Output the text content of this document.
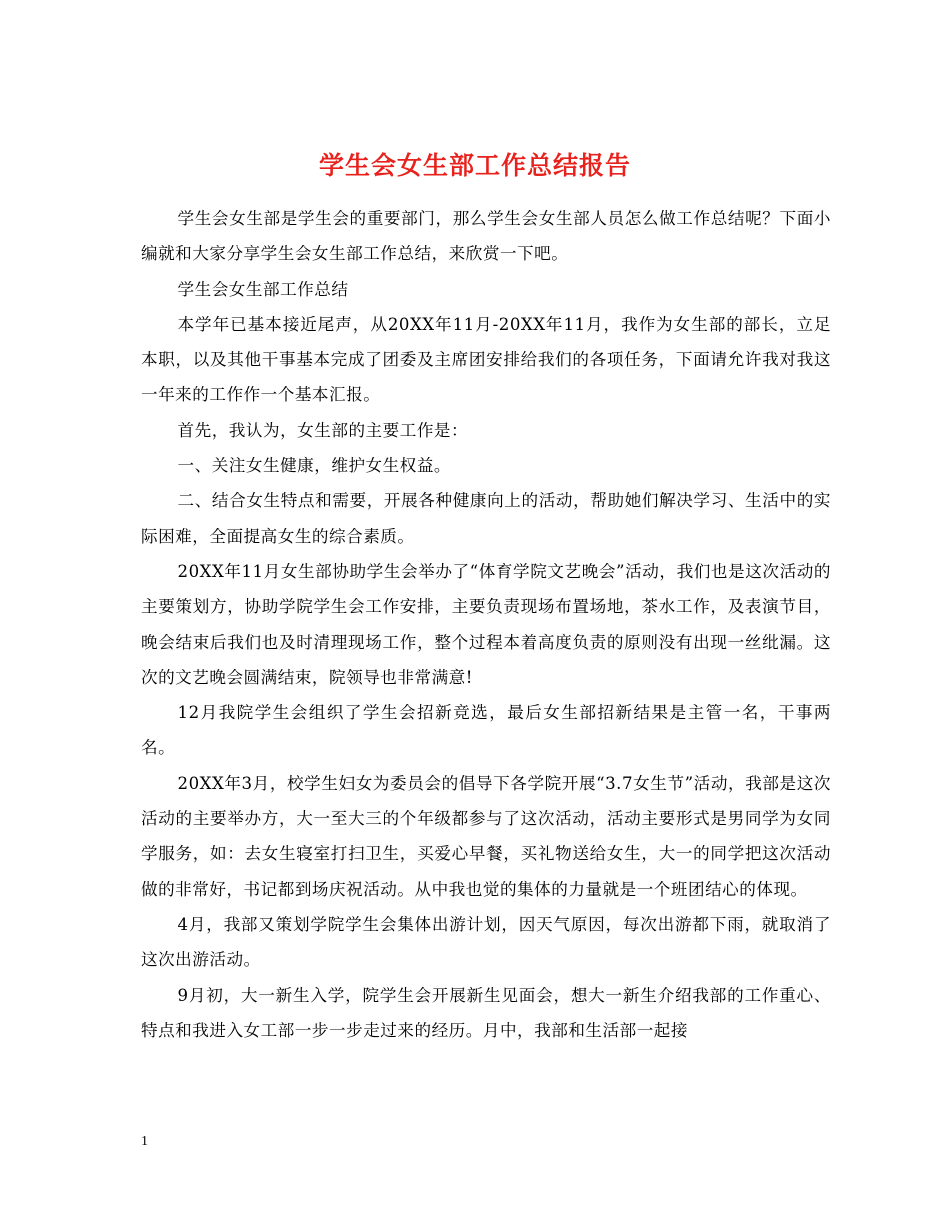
学生会女生部工作总结报告

学生会女生部是学生会的重要部门，那么学生会女生部人员怎么做工作总结呢？下面小编就和大家分享学生会女生部工作总结，来欣赏一下吧。

学生会女生部工作总结

本学年已基本接近尾声，从20XX年11月-20XX年11月，我作为女生部的部长，立足本职，以及其他干事基本完成了团委及主席团安排给我们的各项任务，下面请允许我对我这一年来的工作作一个基本汇报。

首先，我认为，女生部的主要工作是：

一、关注女生健康，维护女生权益。

二、结合女生特点和需要，开展各种健康向上的活动，帮助她们解决学习、生活中的实际困难，全面提高女生的综合素质。

20XX年11月女生部协助学生会举办了“体育学院文艺晚会”活动，我们也是这次活动的主要策划方，协助学院学生会工作安排，主要负责现场布置场地，茶水工作，及表演节目，晚会结束后我们也及时清理现场工作，整个过程本着高度负责的原则没有出现一丝纰漏。这次的文艺晚会圆满结束，院领导也非常满意!

12月我院学生会组织了学生会招新竞选，最后女生部招新结果是主管一名，干事两名。

20XX年3月，校学生妇女为委员会的倡导下各学院开展“3.7女生节”活动，我部是这次活动的主要举办方，大一至大三的个年级都参与了这次活动，活动主要形式是男同学为女同学服务，如：去女生寝室打扫卫生，买爱心早餐，买礼物送给女生，大一的同学把这次活动做的非常好，书记都到场庆祝活动。从中我也觉的集体的力量就是一个班团结心的体现。

4月，我部又策划学院学生会集体出游计划，因天气原因，每次出游都下雨，就取消了这次出游活动。

9月初，大一新生入学，院学生会开展新生见面会，想大一新生介绍我部的工作重心、特点和我进入女工部一步一步走过来的经历。月中，我部和生活部一起接

1
